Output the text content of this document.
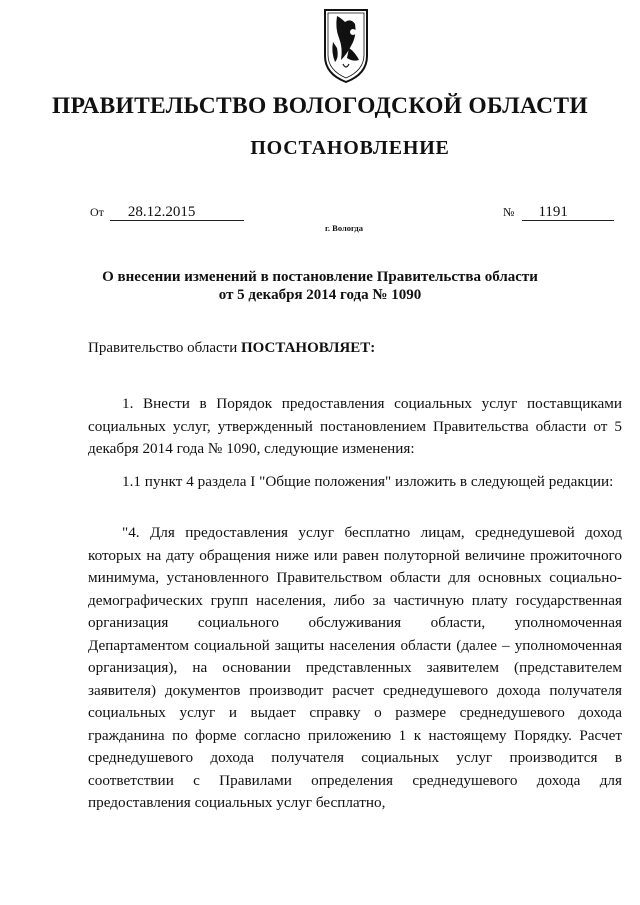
ПРАВИТЕЛЬСТВО ВОЛОГОДСКОЙ ОБЛАСТИ
ПОСТАНОВЛЕНИЕ
От 28.12.2015	№ 1191
г. Вологда
О внесении изменений в постановление Правительства области
от 5 декабря 2014 года № 1090
Правительство области ПОСТАНОВЛЯЕТ:
1. Внести в Порядок предоставления социальных услуг поставщиками социальных услуг, утвержденный постановлением Правительства области от 5 декабря 2014 года № 1090, следующие изменения:
1.1 пункт 4 раздела I "Общие положения" изложить в следующей редакции:
"4. Для предоставления услуг бесплатно лицам, среднедушевой доход которых на дату обращения ниже или равен полуторной величине прожиточного минимума, установленного Правительством области для основных социально-демографических групп населения, либо за частичную плату государственная организация социального обслуживания области, уполномоченная Департаментом социальной защиты населения области (далее – уполномоченная организация), на основании представленных заявителем (представителем заявителя) документов производит расчет среднедушевого дохода получателя социальных услуг и выдает справку о размере среднедушевого дохода гражданина по форме согласно приложению 1 к настоящему Порядку. Расчет среднедушевого дохода получателя социальных услуг производится в соответствии с Правилами определения среднедушевого дохода для предоставления социальных услуг бесплатно,
